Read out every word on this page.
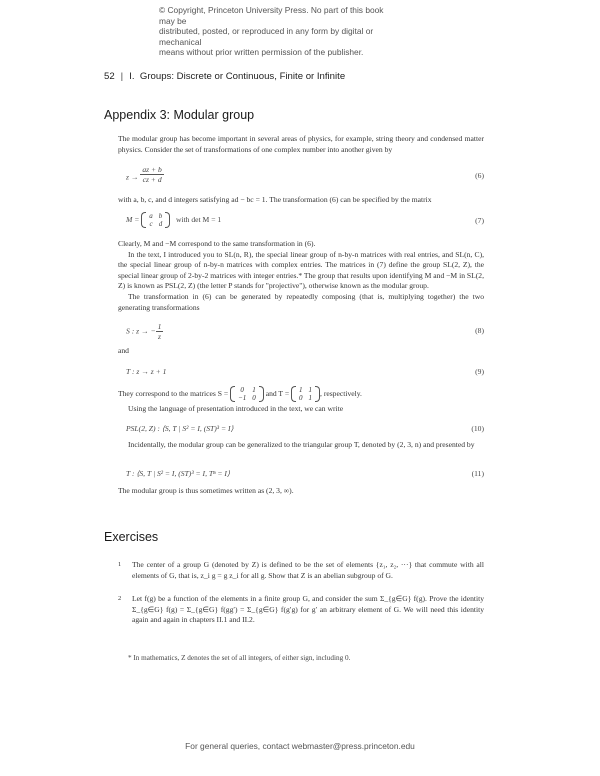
© Copyright, Princeton University Press. No part of this book may be
distributed, posted, or reproduced in any form by digital or mechanical
means without prior written permission of the publisher.
52 | I. Groups: Discrete or Continuous, Finite or Infinite
Appendix 3: Modular group

The modular group has become important in several areas of physics, for example, string theory and condensed matter physics. Consider the set of transformations of one complex number into another given by

$z \to \frac{az + b}{cz + d}$	(6)

with a, b, c, and d integers satisfying ad − bc = 1. The transformation (6) can be specified by the matrix

M = a	b
c	d
with det M = 1	(7)

Clearly, M and −M correspond to the same transformation in (6).

In the text, I introduced you to SL(n, R), the special linear group of n-by-n matrices with real entries, and SL(n, C), the special linear group of n-by-n matrices with complex entries. The matrices in (7) define the group SL(2, Z), the special linear group of 2-by-2 matrices with integer entries.* The group that results upon identifying M and −M in SL(2, Z) is known as PSL(2, Z) (the letter P stands for "projective"), otherwise known as the modular group.

The transformation in (6) can be generated by repeatedly composing (that is, multiplying together) the two generating transformations

S : z → − $\frac{1}{z}$	(8)

and

T : z → z + 1	(9)
They correspond to the matrices S = 0	1
−1	0
and T = 1	1
0	1
, respectively.

Using the language of presentation introduced in the text, we can write

PSL(2, Z) : ⟨S, T | S² = I, (ST)³ = I⟩	(10)

Incidentally, the modular group can be generalized to the triangular group T, denoted by (2, 3, n) and presented by

T : ⟨S, T | S² = I, (ST)³ = I, Tⁿ = I⟩	(11)

The modular group is thus sometimes written as (2, 3, ∞).

Exercises
1 The center of a group G (denoted by Z) is defined to be the set of elements {z₁, z₂, ···} that commute with all elements of G, that is, z_i g = g z_i for all g. Show that Z is an abelian subgroup of G.
2 Let f(g) be a function of the elements in a finite group G, and consider the sum Σ_{g∈G} f(g). Prove the identity Σ_{g∈G} f(g) = Σ_{g∈G} f(gg′) = Σ_{g∈G} f(g′g) for g′ an arbitrary element of G. We will need this identity again and again in chapters II.1 and II.2.
* In mathematics, Z denotes the set of all integers, of either sign, including 0.
For general queries, contact webmaster@press.princeton.edu
